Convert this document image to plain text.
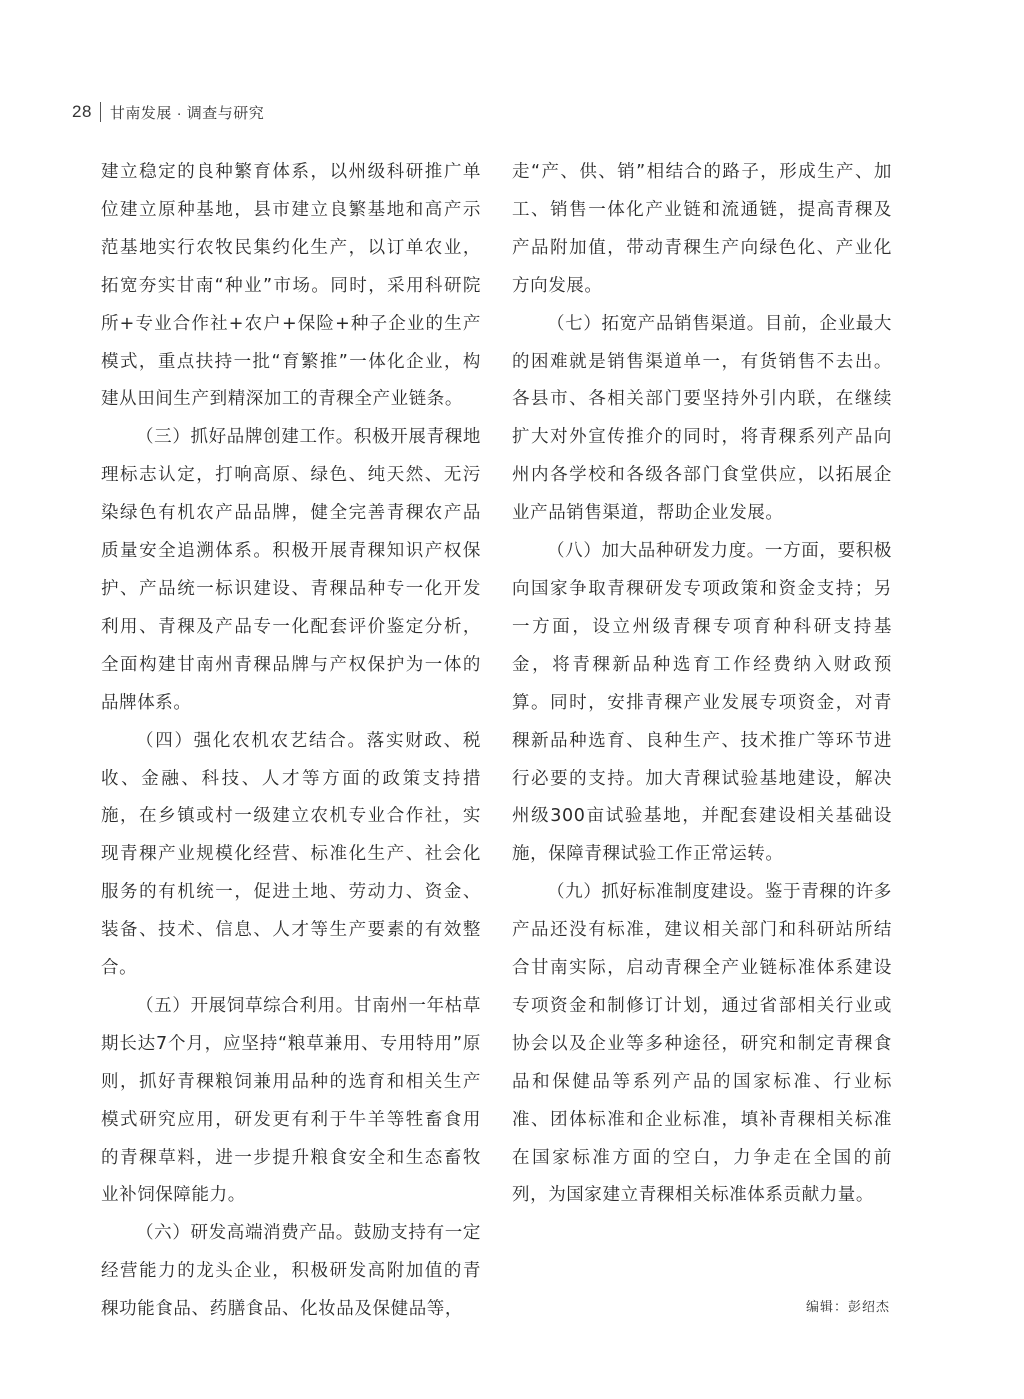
28 甘南发展 · 调查与研究

建立稳定的良种繁育体系，以州级科研推广单位建立原种基地，县市建立良繁基地和高产示范基地实行农牧民集约化生产，以订单农业，拓宽夯实甘南“种业”市场。同时，采用科研院所+专业合作社+农户+保险+种子企业的生产模式，重点扶持一批“育繁推”一体化企业，构建从田间生产到精深加工的青稞全产业链条。

（三）抓好品牌创建工作。积极开展青稞地理标志认定，打响高原、绿色、纯天然、无污染绿色有机农产品品牌，健全完善青稞农产品质量安全追溯体系。积极开展青稞知识产权保护、产品统一标识建设、青稞品种专一化开发利用、青稞及产品专一化配套评价鉴定分析，全面构建甘南州青稞品牌与产权保护为一体的品牌体系。

（四）强化农机农艺结合。落实财政、税收、金融、科技、人才等方面的政策支持措施，在乡镇或村一级建立农机专业合作社，实现青稞产业规模化经营、标准化生产、社会化服务的有机统一，促进土地、劳动力、资金、装备、技术、信息、人才等生产要素的有效整合。

（五）开展饲草综合利用。甘南州一年枯草期长达7个月，应坚持“粮草兼用、专用特用”原则，抓好青稞粮饲兼用品种的选育和相关生产模式研究应用，研发更有利于牛羊等牲畜食用的青稞草料，进一步提升粮食安全和生态畜牧业补饲保障能力。

（六）研发高端消费产品。鼓励支持有一定经营能力的龙头企业，积极研发高附加值的青稞功能食品、药膳食品、化妆品及保健品等，

走“产、供、销”相结合的路子，形成生产、加工、销售一体化产业链和流通链，提高青稞及产品附加值，带动青稞生产向绿色化、产业化方向发展。

（七）拓宽产品销售渠道。目前，企业最大的困难就是销售渠道单一，有货销售不去出。各县市、各相关部门要坚持外引内联，在继续扩大对外宣传推介的同时，将青稞系列产品向州内各学校和各级各部门食堂供应，以拓展企业产品销售渠道，帮助企业发展。

（八）加大品种研发力度。一方面，要积极向国家争取青稞研发专项政策和资金支持；另一方面，设立州级青稞专项育种科研支持基金，将青稞新品种选育工作经费纳入财政预算。同时，安排青稞产业发展专项资金，对青稞新品种选育、良种生产、技术推广等环节进行必要的支持。加大青稞试验基地建设，解决州级300亩试验基地，并配套建设相关基础设施，保障青稞试验工作正常运转。

（九）抓好标准制度建设。鉴于青稞的许多产品还没有标准，建议相关部门和科研站所结合甘南实际，启动青稞全产业链标准体系建设专项资金和制修订计划，通过省部相关行业或协会以及企业等多种途径，研究和制定青稞食品和保健品等系列产品的国家标准、行业标准、团体标准和企业标准，填补青稞相关标准在国家标准方面的空白，力争走在全国的前列，为国家建立青稞相关标准体系贡献力量。

编辑：彭绍杰
